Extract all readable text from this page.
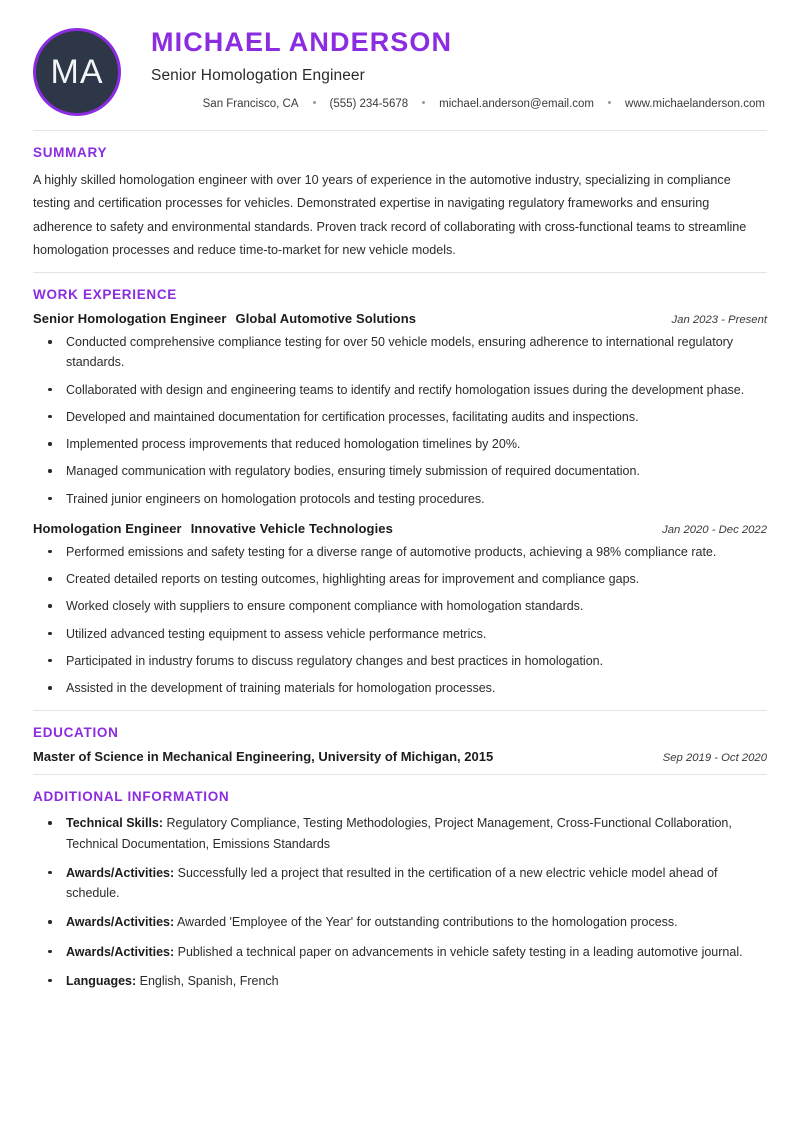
MA
MICHAEL ANDERSON
Senior Homologation Engineer
San Francisco, CA	(555) 234-5678	michael.anderson@email.com	www.michaelanderson.com
SUMMARY

A highly skilled homologation engineer with over 10 years of experience in the automotive industry, specializing in compliance testing and certification processes for vehicles. Demonstrated expertise in navigating regulatory frameworks and ensuring adherence to safety and environmental standards. Proven track record of collaborating with cross-functional teams to streamline homologation processes and reduce time-to-market for new vehicle models.

WORK EXPERIENCE
Senior Homologation Engineer Global Automotive Solutions	Jan 2023 - Present
Conducted comprehensive compliance testing for over 50 vehicle models, ensuring adherence to international regulatory standards.
Collaborated with design and engineering teams to identify and rectify homologation issues during the development phase.
Developed and maintained documentation for certification processes, facilitating audits and inspections.
Implemented process improvements that reduced homologation timelines by 20%.
Managed communication with regulatory bodies, ensuring timely submission of required documentation.
Trained junior engineers on homologation protocols and testing procedures.
Homologation Engineer Innovative Vehicle Technologies	Jan 2020 - Dec 2022
Performed emissions and safety testing for a diverse range of automotive products, achieving a 98% compliance rate.
Created detailed reports on testing outcomes, highlighting areas for improvement and compliance gaps.
Worked closely with suppliers to ensure component compliance with homologation standards.
Utilized advanced testing equipment to assess vehicle performance metrics.
Participated in industry forums to discuss regulatory changes and best practices in homologation.
Assisted in the development of training materials for homologation processes.
EDUCATION
Master of Science in Mechanical Engineering, University of Michigan, 2015	Sep 2019 - Oct 2020
ADDITIONAL INFORMATION
Technical Skills: Regulatory Compliance, Testing Methodologies, Project Management, Cross-Functional Collaboration, Technical Documentation, Emissions Standards
Awards/Activities: Successfully led a project that resulted in the certification of a new electric vehicle model ahead of schedule.
Awards/Activities: Awarded 'Employee of the Year' for outstanding contributions to the homologation process.
Awards/Activities: Published a technical paper on advancements in vehicle safety testing in a leading automotive journal.
Languages: English, Spanish, French
